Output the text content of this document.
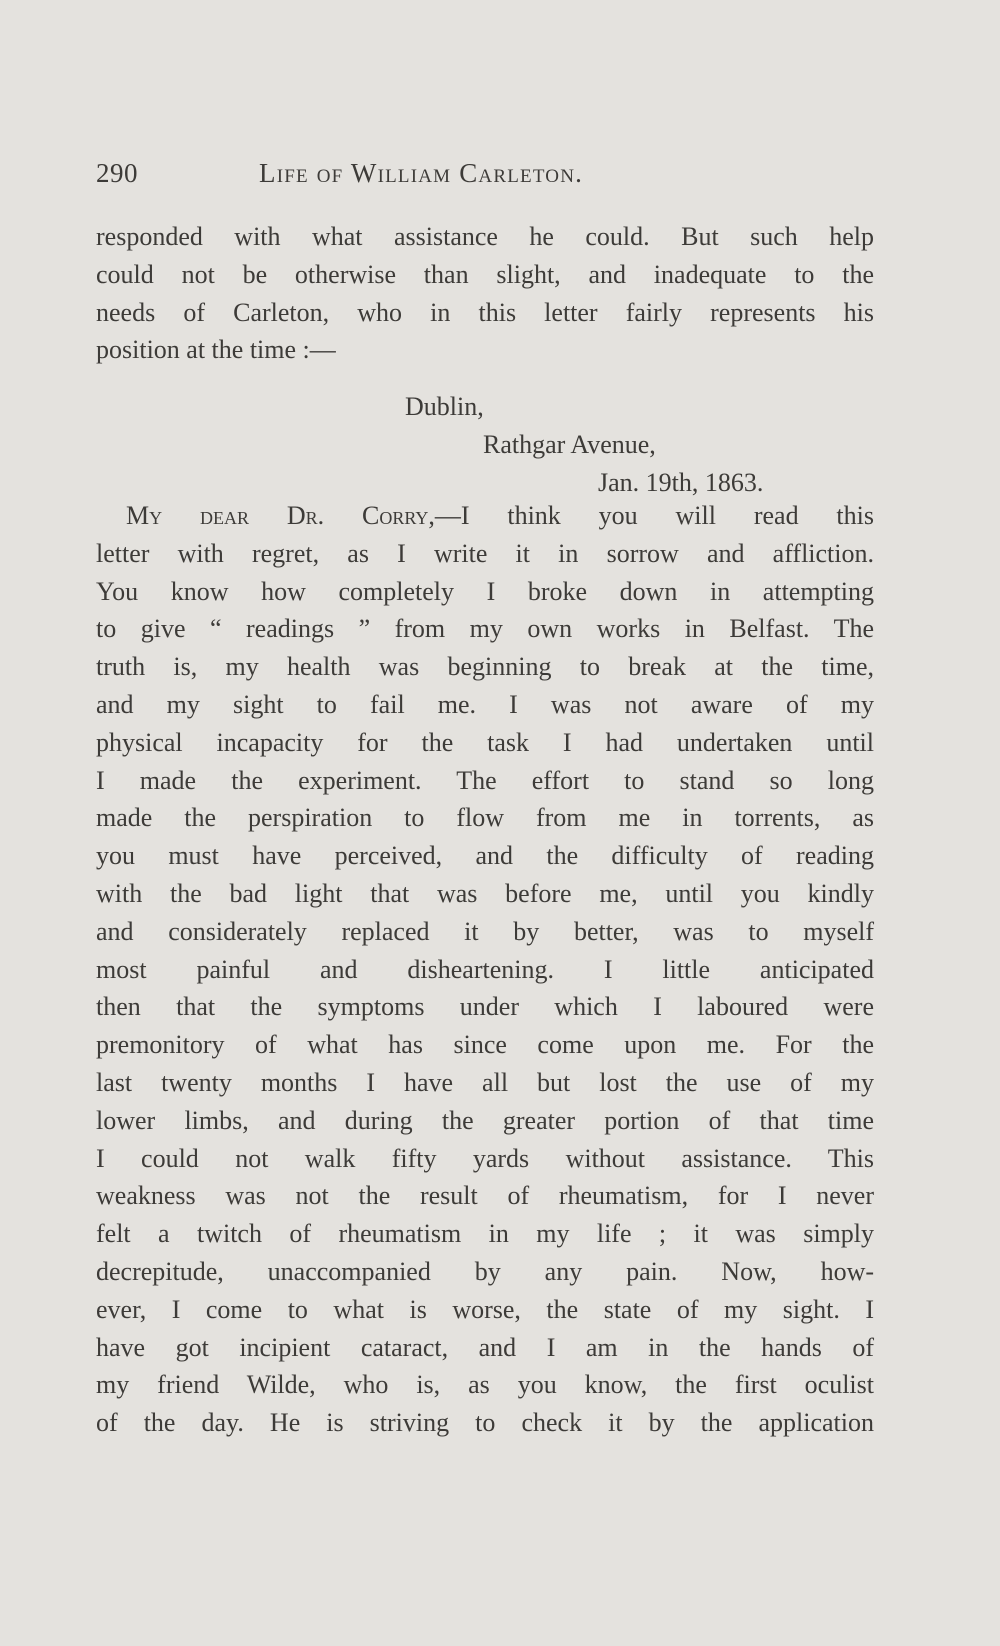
290	Life of William Carleton.
responded with what assistance he could. But such help
could not be otherwise than slight, and inadequate to the
needs of Carleton, who in this letter fairly represents his
position at the time :—
Dublin,
Rathgar Avenue,
Jan. 19th, 1863.
My dear Dr. Corry,—I think you will read this
letter with regret, as I write it in sorrow and affliction.
You know how completely I broke down in attempting
to give “ readings ” from my own works in Belfast. The
truth is, my health was beginning to break at the time,
and my sight to fail me. I was not aware of my
physical incapacity for the task I had undertaken until
I made the experiment. The effort to stand so long
made the perspiration to flow from me in torrents, as
you must have perceived, and the difficulty of reading
with the bad light that was before me, until you kindly
and considerately replaced it by better, was to myself
most painful and disheartening. I little anticipated
then that the symptoms under which I laboured were
premonitory of what has since come upon me. For the
last twenty months I have all but lost the use of my
lower limbs, and during the greater portion of that time
I could not walk fifty yards without assistance. This
weakness was not the result of rheumatism, for I never
felt a twitch of rheumatism in my life ; it was simply
decrepitude, unaccompanied by any pain. Now, how-
ever, I come to what is worse, the state of my sight. I
have got incipient cataract, and I am in the hands of
my friend Wilde, who is, as you know, the first oculist
of the day. He is striving to check it by the application
